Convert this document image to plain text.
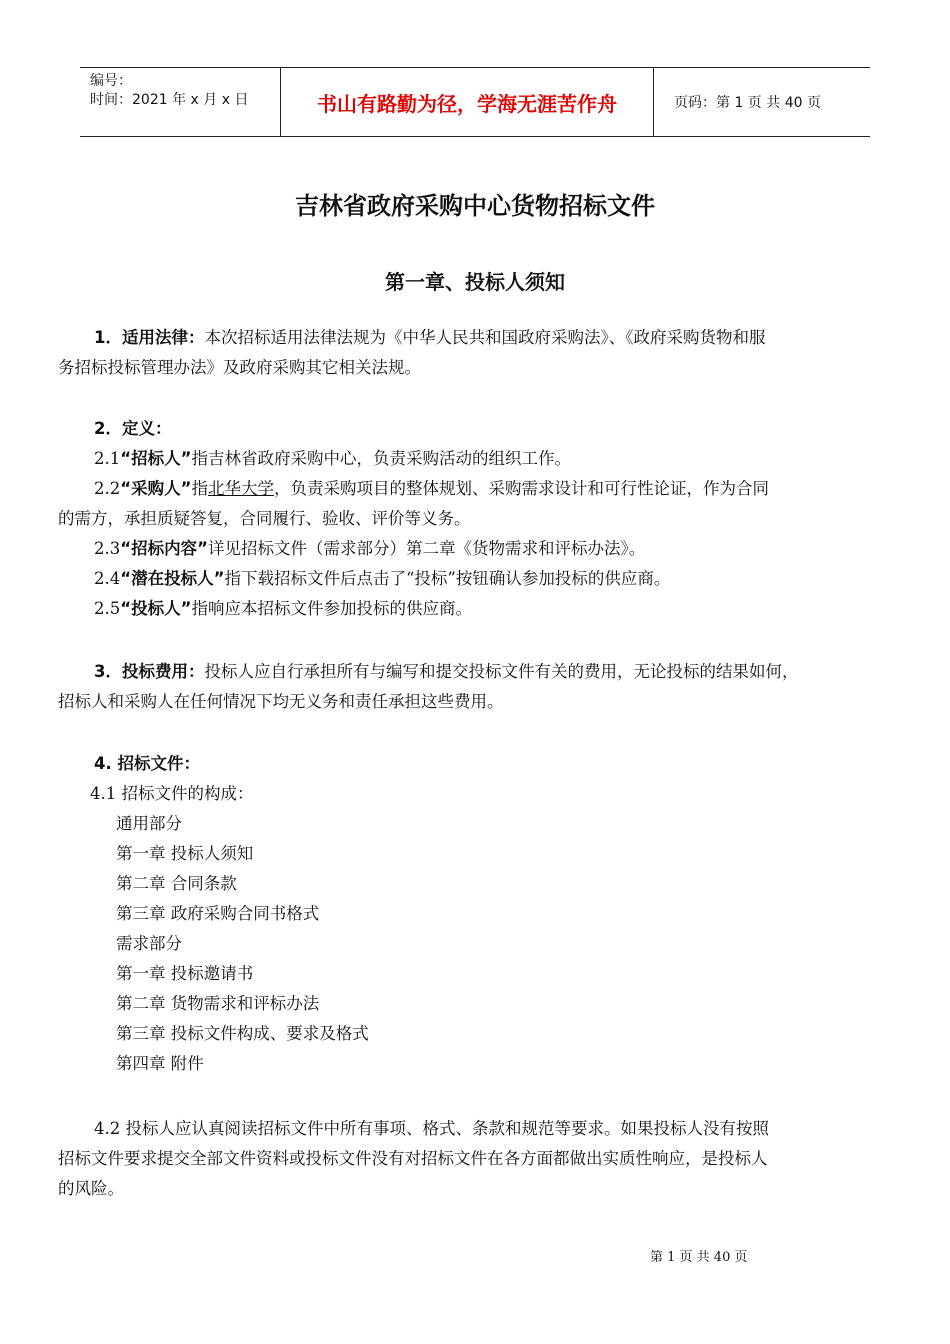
编号：
时间：2021 年 x 月 x 日	书山有路勤为径，学海无涯苦作舟	页码：第 1 页 共 40 页
吉林省政府采购中心货物招标文件
第一章、投标人须知
1．适用法律：本次招标适用法律法规为《中华人民共和国政府采购法》、《政府采购货物和服
务招标投标管理办法》及政府采购其它相关法规。
2．定义：
2.1“招标人”指吉林省政府采购中心，负责采购活动的组织工作。
2.2“采购人”指北华大学，负责采购项目的整体规划、采购需求设计和可行性论证，作为合同
的需方，承担质疑答复，合同履行、验收、评价等义务。
2.3“招标内容”详见招标文件（需求部分）第二章《货物需求和评标办法》。
2.4“潜在投标人”指下载招标文件后点击了“投标”按钮确认参加投标的供应商。
2.5“投标人”指响应本招标文件参加投标的供应商。
3．投标费用：投标人应自行承担所有与编写和提交投标文件有关的费用，无论投标的结果如何，
招标人和采购人在任何情况下均无义务和责任承担这些费用。
4. 招标文件：
4.1 招标文件的构成：
通用部分
第一章 投标人须知
第二章 合同条款
第三章 政府采购合同书格式
需求部分
第一章 投标邀请书
第二章 货物需求和评标办法
第三章 投标文件构成、要求及格式
第四章 附件
4.2 投标人应认真阅读招标文件中所有事项、格式、条款和规范等要求。如果投标人没有按照
招标文件要求提交全部文件资料或投标文件没有对招标文件在各方面都做出实质性响应，是投标人
的风险。
第 1 页 共 40 页
